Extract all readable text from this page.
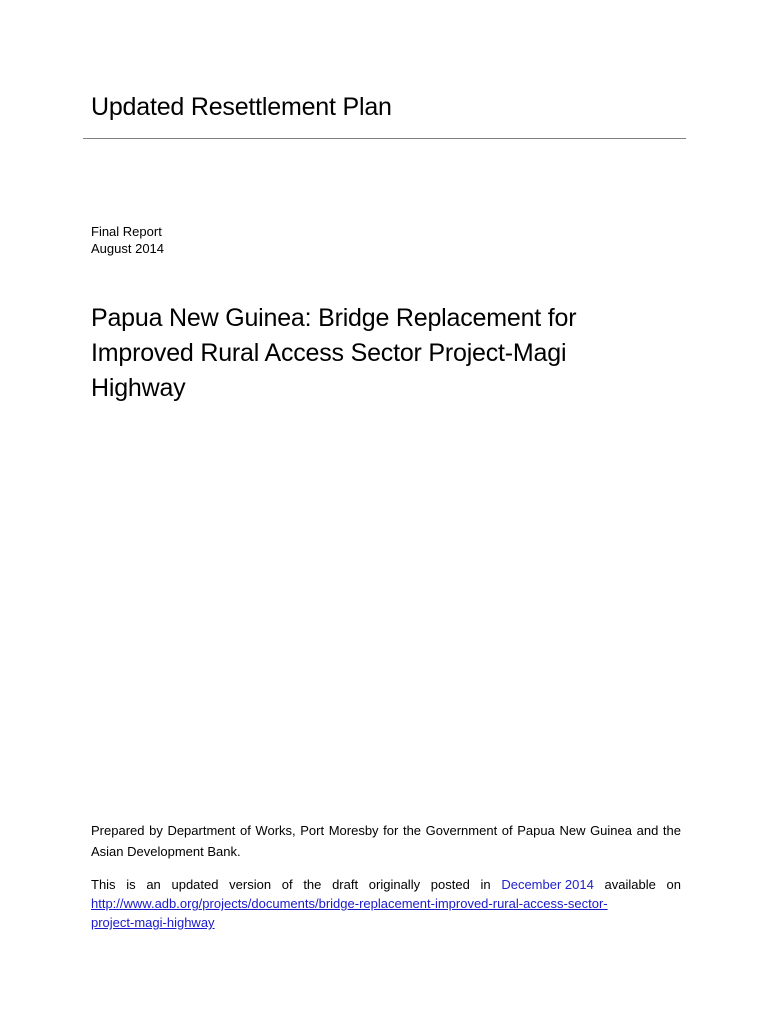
Updated Resettlement Plan
Final Report
August 2014
Papua New Guinea: Bridge Replacement for
Improved Rural Access Sector Project-Magi
Highway
Prepared by Department of Works, Port Moresby for the Government of Papua New Guinea and the Asian Development Bank.
This is an updated version of the draft originally posted in December 2014 available on
http://www.adb.org/projects/documents/bridge-replacement-improved-rural-access-sector-
project-magi-highway
